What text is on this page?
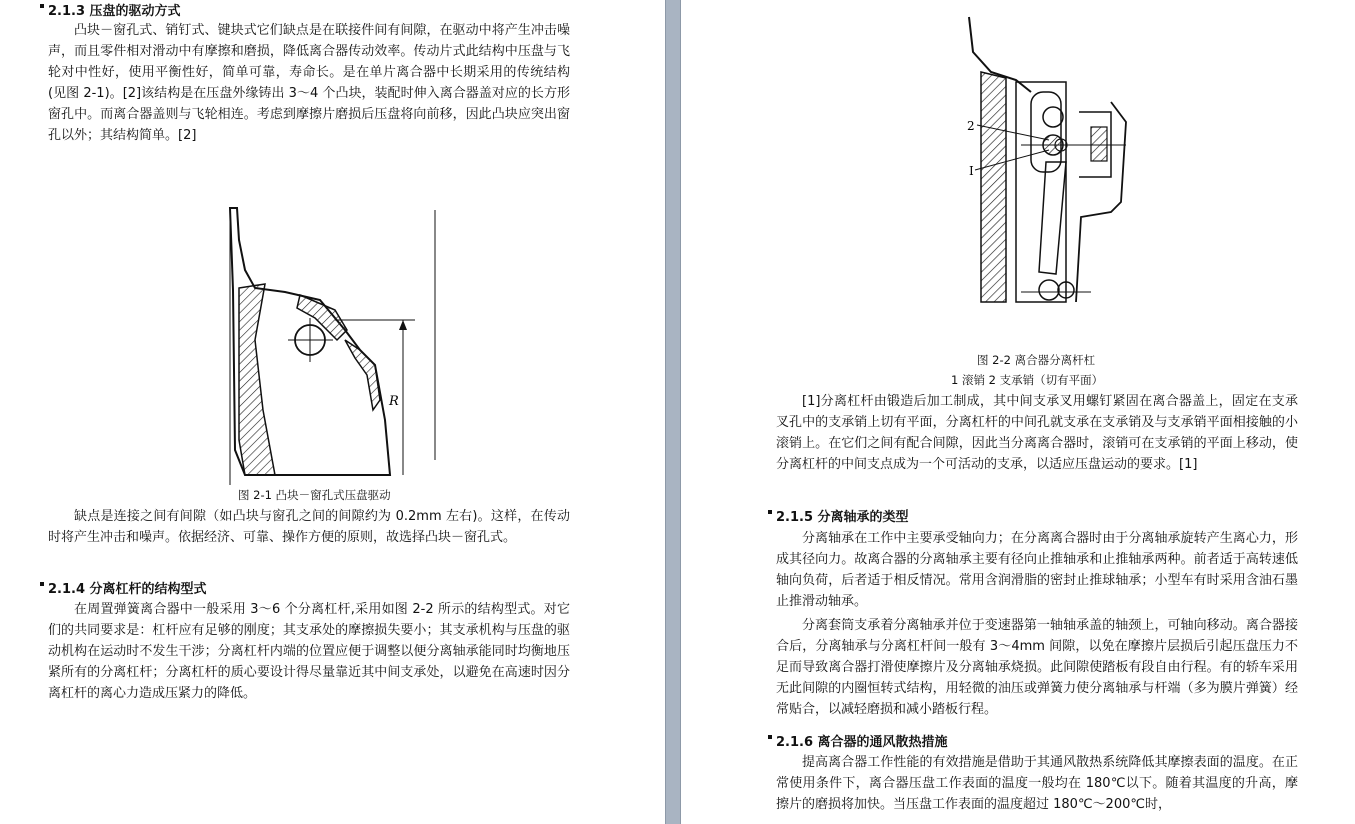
2.1.3 压盘的驱动方式

凸块－窗孔式、销钉式、键块式它们缺点是在联接件间有间隙，在驱动中将产生冲击噪声，而且零件相对滑动中有摩擦和磨损，降低离合器传动效率。传动片式此结构中压盘与飞轮对中性好，使用平衡性好，简单可靠，寿命长。是在单片离合器中长期采用的传统结构(见图 2-1)。[2]该结构是在压盘外缘铸出 3～4 个凸块，装配时伸入离合器盖对应的长方形窗孔中。而离合器盖则与飞轮相连。考虑到摩擦片磨损后压盘将向前移，因此凸块应突出窗孔以外；其结构简单。[2]

R
图 2-1 凸块－窗孔式压盘驱动

缺点是连接之间有间隙（如凸块与窗孔之间的间隙约为 0.2mm 左右)。这样，在传动时将产生冲击和噪声。依据经济、可靠、操作方便的原则，故选择凸块－窗孔式。

2.1.4 分离杠杆的结构型式

在周置弹簧离合器中一般采用 3～6 个分离杠杆,采用如图 2-2 所示的结构型式。对它们的共同要求是：杠杆应有足够的刚度；其支承处的摩擦损失要小；其支承机构与压盘的驱动机构在运动时不发生干涉；分离杠杆内端的位置应便于调整以便分离轴承能同时均衡地压紧所有的分离杠杆；分离杠杆的质心要设计得尽量靠近其中间支承处，以避免在高速时因分离杠杆的离心力造成压紧力的降低。

2
I
图 2-2 离合器分离杆杠
1 滚销 2 支承销（切有平面）

[1]分离杠杆由锻造后加工制成，其中间支承叉用螺钉紧固在离合器盖上，固定在支承叉孔中的支承销上切有平面，分离杠杆的中间孔就支承在支承销及与支承销平面相接触的小滚销上。在它们之间有配合间隙，因此当分离离合器时，滚销可在支承销的平面上移动，使分离杠杆的中间支点成为一个可活动的支承，以适应压盘运动的要求。[1]

2.1.5 分离轴承的类型

分离轴承在工作中主要承受轴向力；在分离离合器时由于分离轴承旋转产生离心力，形成其径向力。故离合器的分离轴承主要有径向止推轴承和止推轴承两种。前者适于高转速低轴向负荷，后者适于相反情况。常用含润滑脂的密封止推球轴承；小型车有时采用含油石墨止推滑动轴承。

分离套筒支承着分离轴承并位于变速器第一轴轴承盖的轴颈上，可轴向移动。离合器接合后，分离轴承与分离杠杆间一般有 3～4mm 间隙，以免在摩擦片层损后引起压盘压力不足而导致离合器打滑使摩擦片及分离轴承烧损。此间隙使踏板有段自由行程。有的轿车采用无此间隙的内圈恒转式结构，用轻微的油压或弹簧力使分离轴承与杆端（多为膜片弹簧）经常贴合，以减轻磨损和减小踏板行程。

2.1.6 离合器的通风散热措施

提高离合器工作性能的有效措施是借助于其通风散热系统降低其摩擦表面的温度。在正常使用条件下，离合器压盘工作表面的温度一般均在 180℃以下。随着其温度的升高，摩擦片的磨损将加快。当压盘工作表面的温度超过 180℃～200℃时，
